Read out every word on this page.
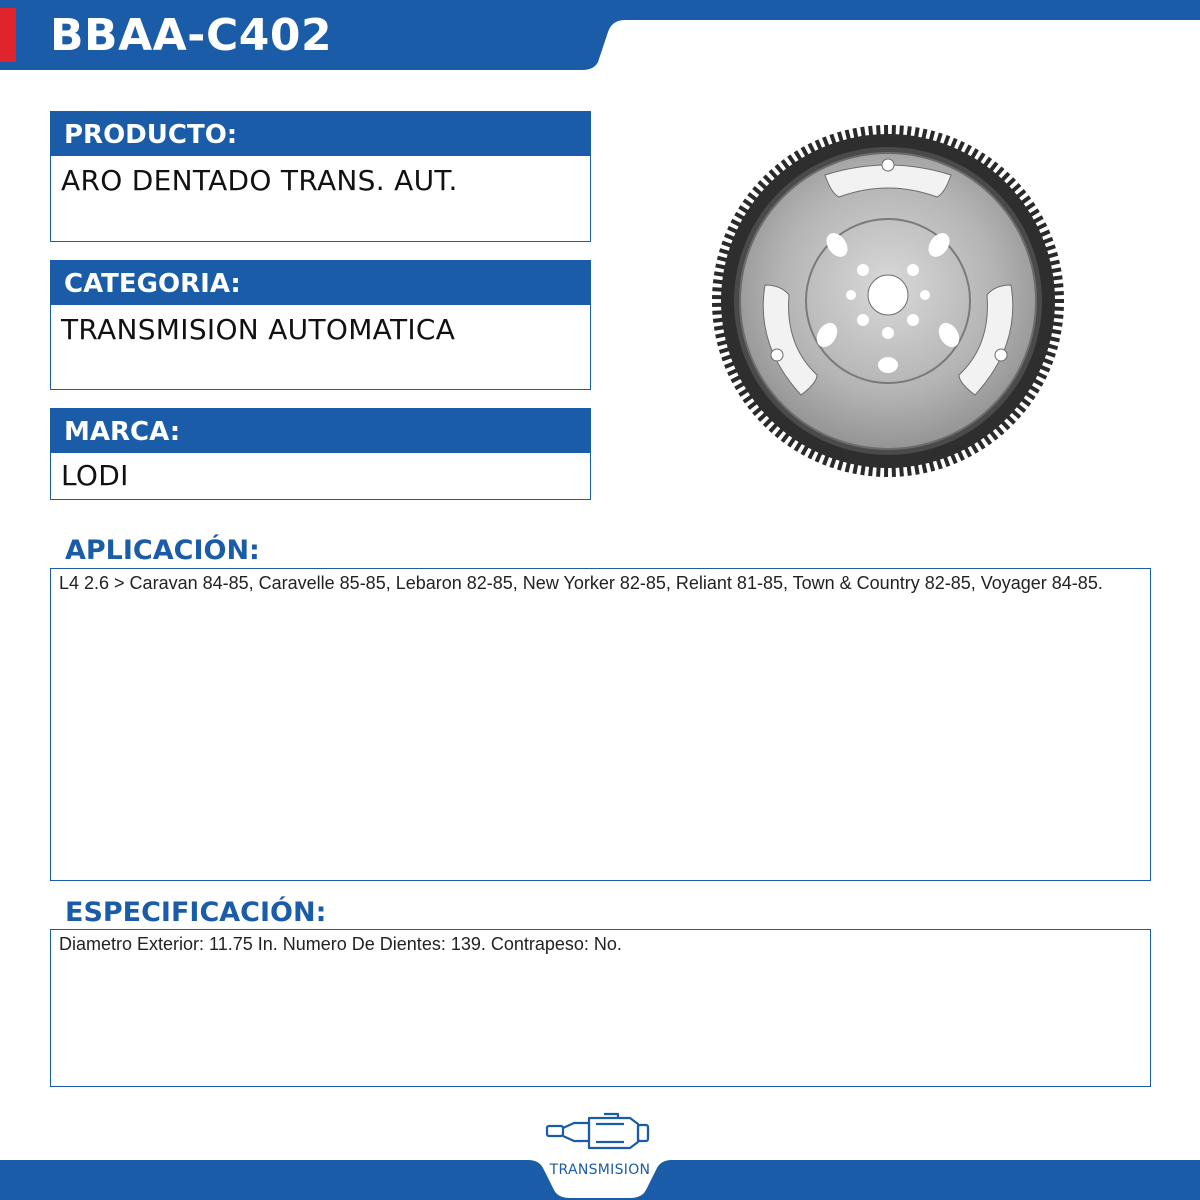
BBAA-C402
PRODUCTO:
ARO DENTADO TRANS. AUT.
CATEGORIA:
TRANSMISION AUTOMATICA
MARCA:
LODI
APLICACIÓN:

L4 2.6 > Caravan 84-85, Caravelle 85-85, Lebaron 82-85, New Yorker 82-85, Reliant 81-85, Town & Country 82-85, Voyager 84-85.

ESPECIFICACIÓN:

Diametro Exterior: 11.75 In. Numero De Dientes: 139. Contrapeso: No.

TRANSMISION
